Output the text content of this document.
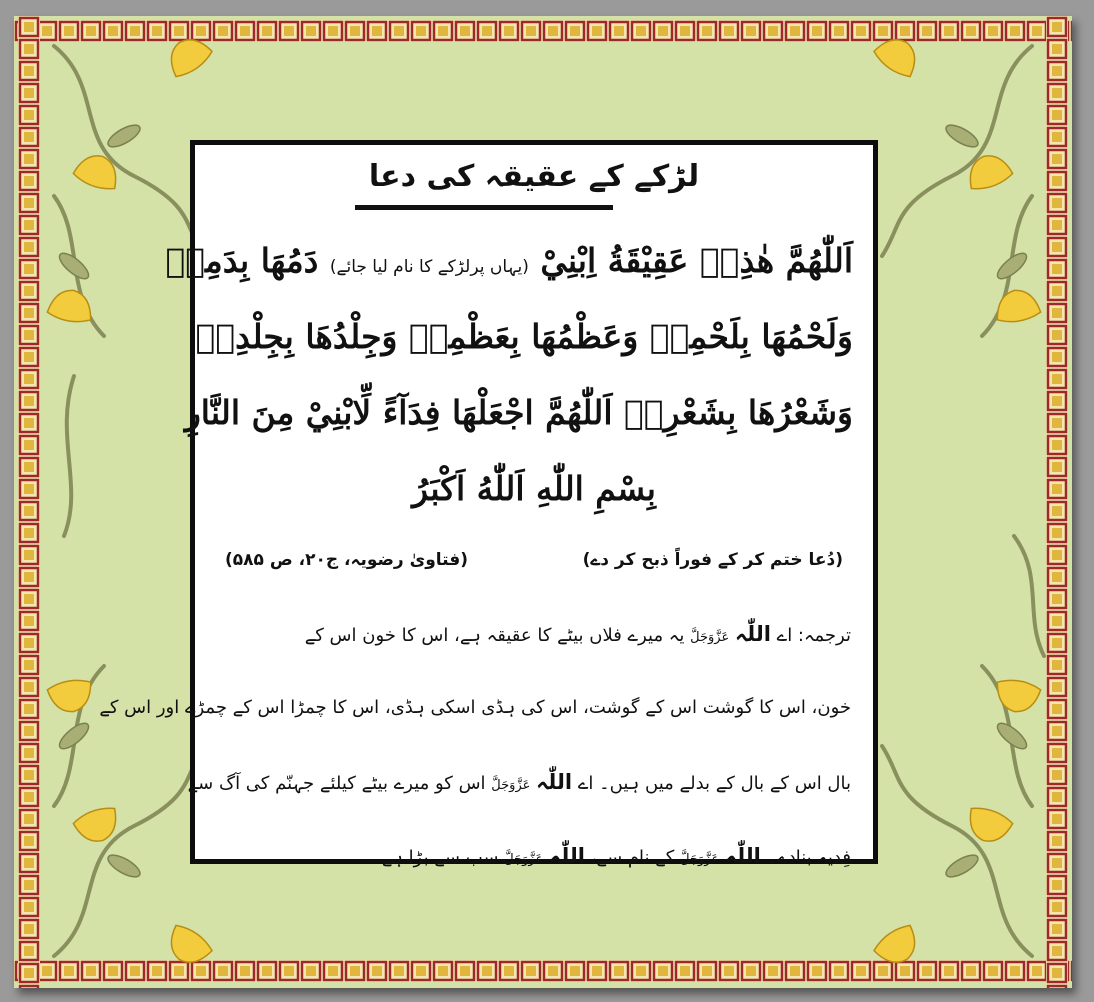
لڑکے کے عقیقہ کی دعا
اَللّٰهُمَّ هٰذِهٖ عَقِيْقَةُ اِبْنِيْ (یہاں پرلڑکے کا نام لیا جائے) دَمُهَا بِدَمِهٖ
وَلَحْمُهَا بِلَحْمِهٖ وَعَظْمُهَا بِعَظْمِهٖ وَجِلْدُهَا بِجِلْدِهٖ
وَشَعْرُهَا بِشَعْرِهٖ اَللّٰهُمَّ اجْعَلْهَا فِدَآءً لِّابْنِيْ مِنَ النَّارِ
بِسْمِ اللّٰهِ اَللّٰهُ اَكْبَرُ
(دُعا ختم کر کے فوراً ذبح کر دے)
(فتاویٰ رضویہ، ج۲۰، ص ۵۸۵)
ترجمہ: اے اللّٰہ عَزَّوَجَلَّ یہ میرے فلاں بیٹے کا عقیقہ ہے، اس کا خون اس کے
خون، اس کا گوشت اس کے گوشت، اس کی ہڈی اسکی ہڈی، اس کا چمڑا اس کے چمڑے اور اس کے
بال اس کے بال کے بدلے میں ہیں۔ اے اللّٰہ عَزَّوَجَلَّ اس کو میرے بیٹے کیلئے جہنّم کی آگ سے
فِدیہ بنادے۔ اللّٰہ عَزَّوَجَلَّ کے نام سے، اللّٰہ عَزَّوَجَلَّ سب سے بڑا ہے۔
